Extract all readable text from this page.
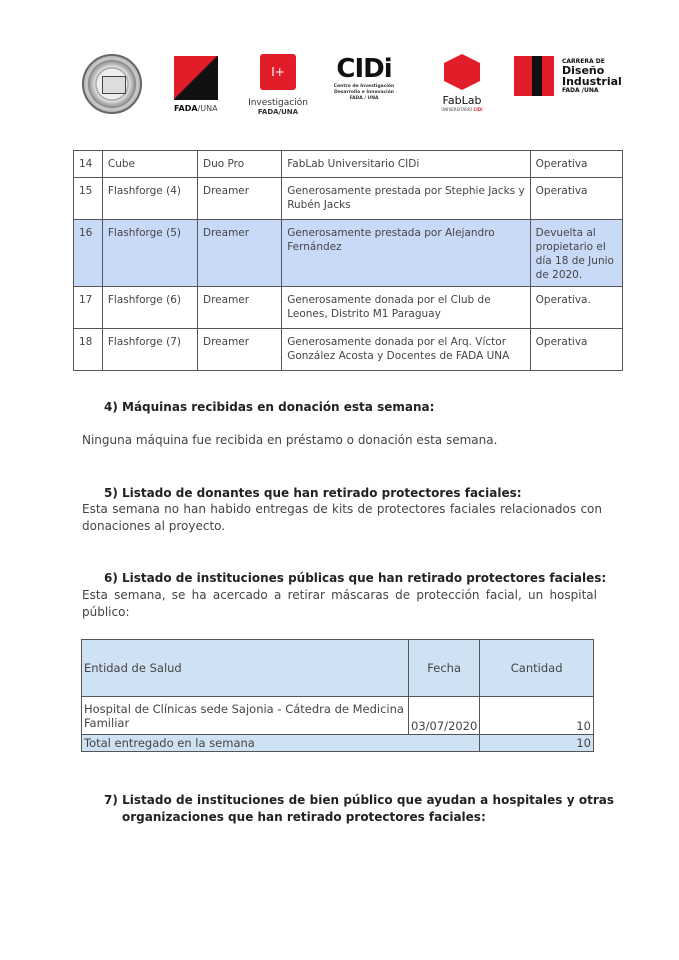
FADA/UNA
I+
Investigación
FADA/UNA
CIDi
Centro de Investigación
Desarrollo e Innovación
FADA / UNA	FabLab
UNIVERSITARIO CIDi
CARRERA DE
Diseño
Industrial
FADA /UNA
14	Cube	Duo Pro	FabLab Universitario CIDi	Operativa
15	Flashforge (4)	Dreamer	Generosamente prestada por Stephie Jacks y Rubén Jacks	Operativa
16	Flashforge (5)	Dreamer	Generosamente prestada por Alejandro Fernández	Devuelta al propietario el día 18 de Junio de 2020.
17	Flashforge (6)	Dreamer	Generosamente donada por el Club de Leones, Distrito M1 Paraguay	Operativa.
18	Flashforge (7)	Dreamer	Generosamente donada por el Arq. Víctor González Acosta y Docentes de FADA UNA	Operativa
4) Máquinas recibidas en donación esta semana:
Ninguna máquina fue recibida en préstamo o donación esta semana.
5) Listado de donantes que han retirado protectores faciales:
Esta semana no han habido entregas de kits de protectores faciales relacionados con donaciones al proyecto.
6) Listado de instituciones públicas que han retirado protectores faciales:
Esta semana, se ha acercado a retirar máscaras de protección facial, un hospital público:
Entidad de Salud	Fecha	Cantidad
Hospital de Clínicas sede Sajonia - Cátedra de Medicina Familiar	03/07/2020	10
Total entregado en la semana		10
7) Listado de instituciones de bien público que ayudan a hospitales y otras organizaciones que han retirado protectores faciales:
